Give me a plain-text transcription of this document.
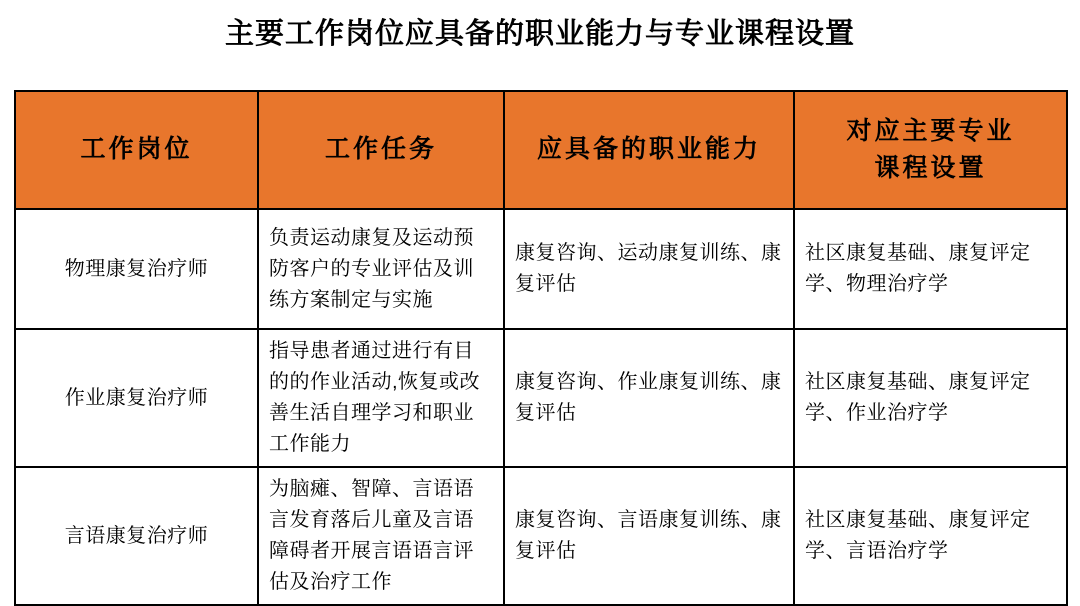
主要工作岗位应具备的职业能力与专业课程设置
工作岗位	工作任务	应具备的职业能力	对应主要专业
课程设置

物理康复治疗师	负责运动康复及运动预防客户的专业评估及训练方案制定与实施	康复咨询、运动康复训练、康复评估	社区康复基础、康复评定学、物理治疗学
作业康复治疗师	指导患者通过进行有目的的作业活动,恢复或改善生活自理学习和职业工作能力	康复咨询、作业康复训练、康复评估	社区康复基础、康复评定学、作业治疗学
言语康复治疗师	为脑瘫、智障、言语语言发育落后儿童及言语障碍者开展言语语言评估及治疗工作	康复咨询、言语康复训练、康复评估	社区康复基础、康复评定学、言语治疗学
